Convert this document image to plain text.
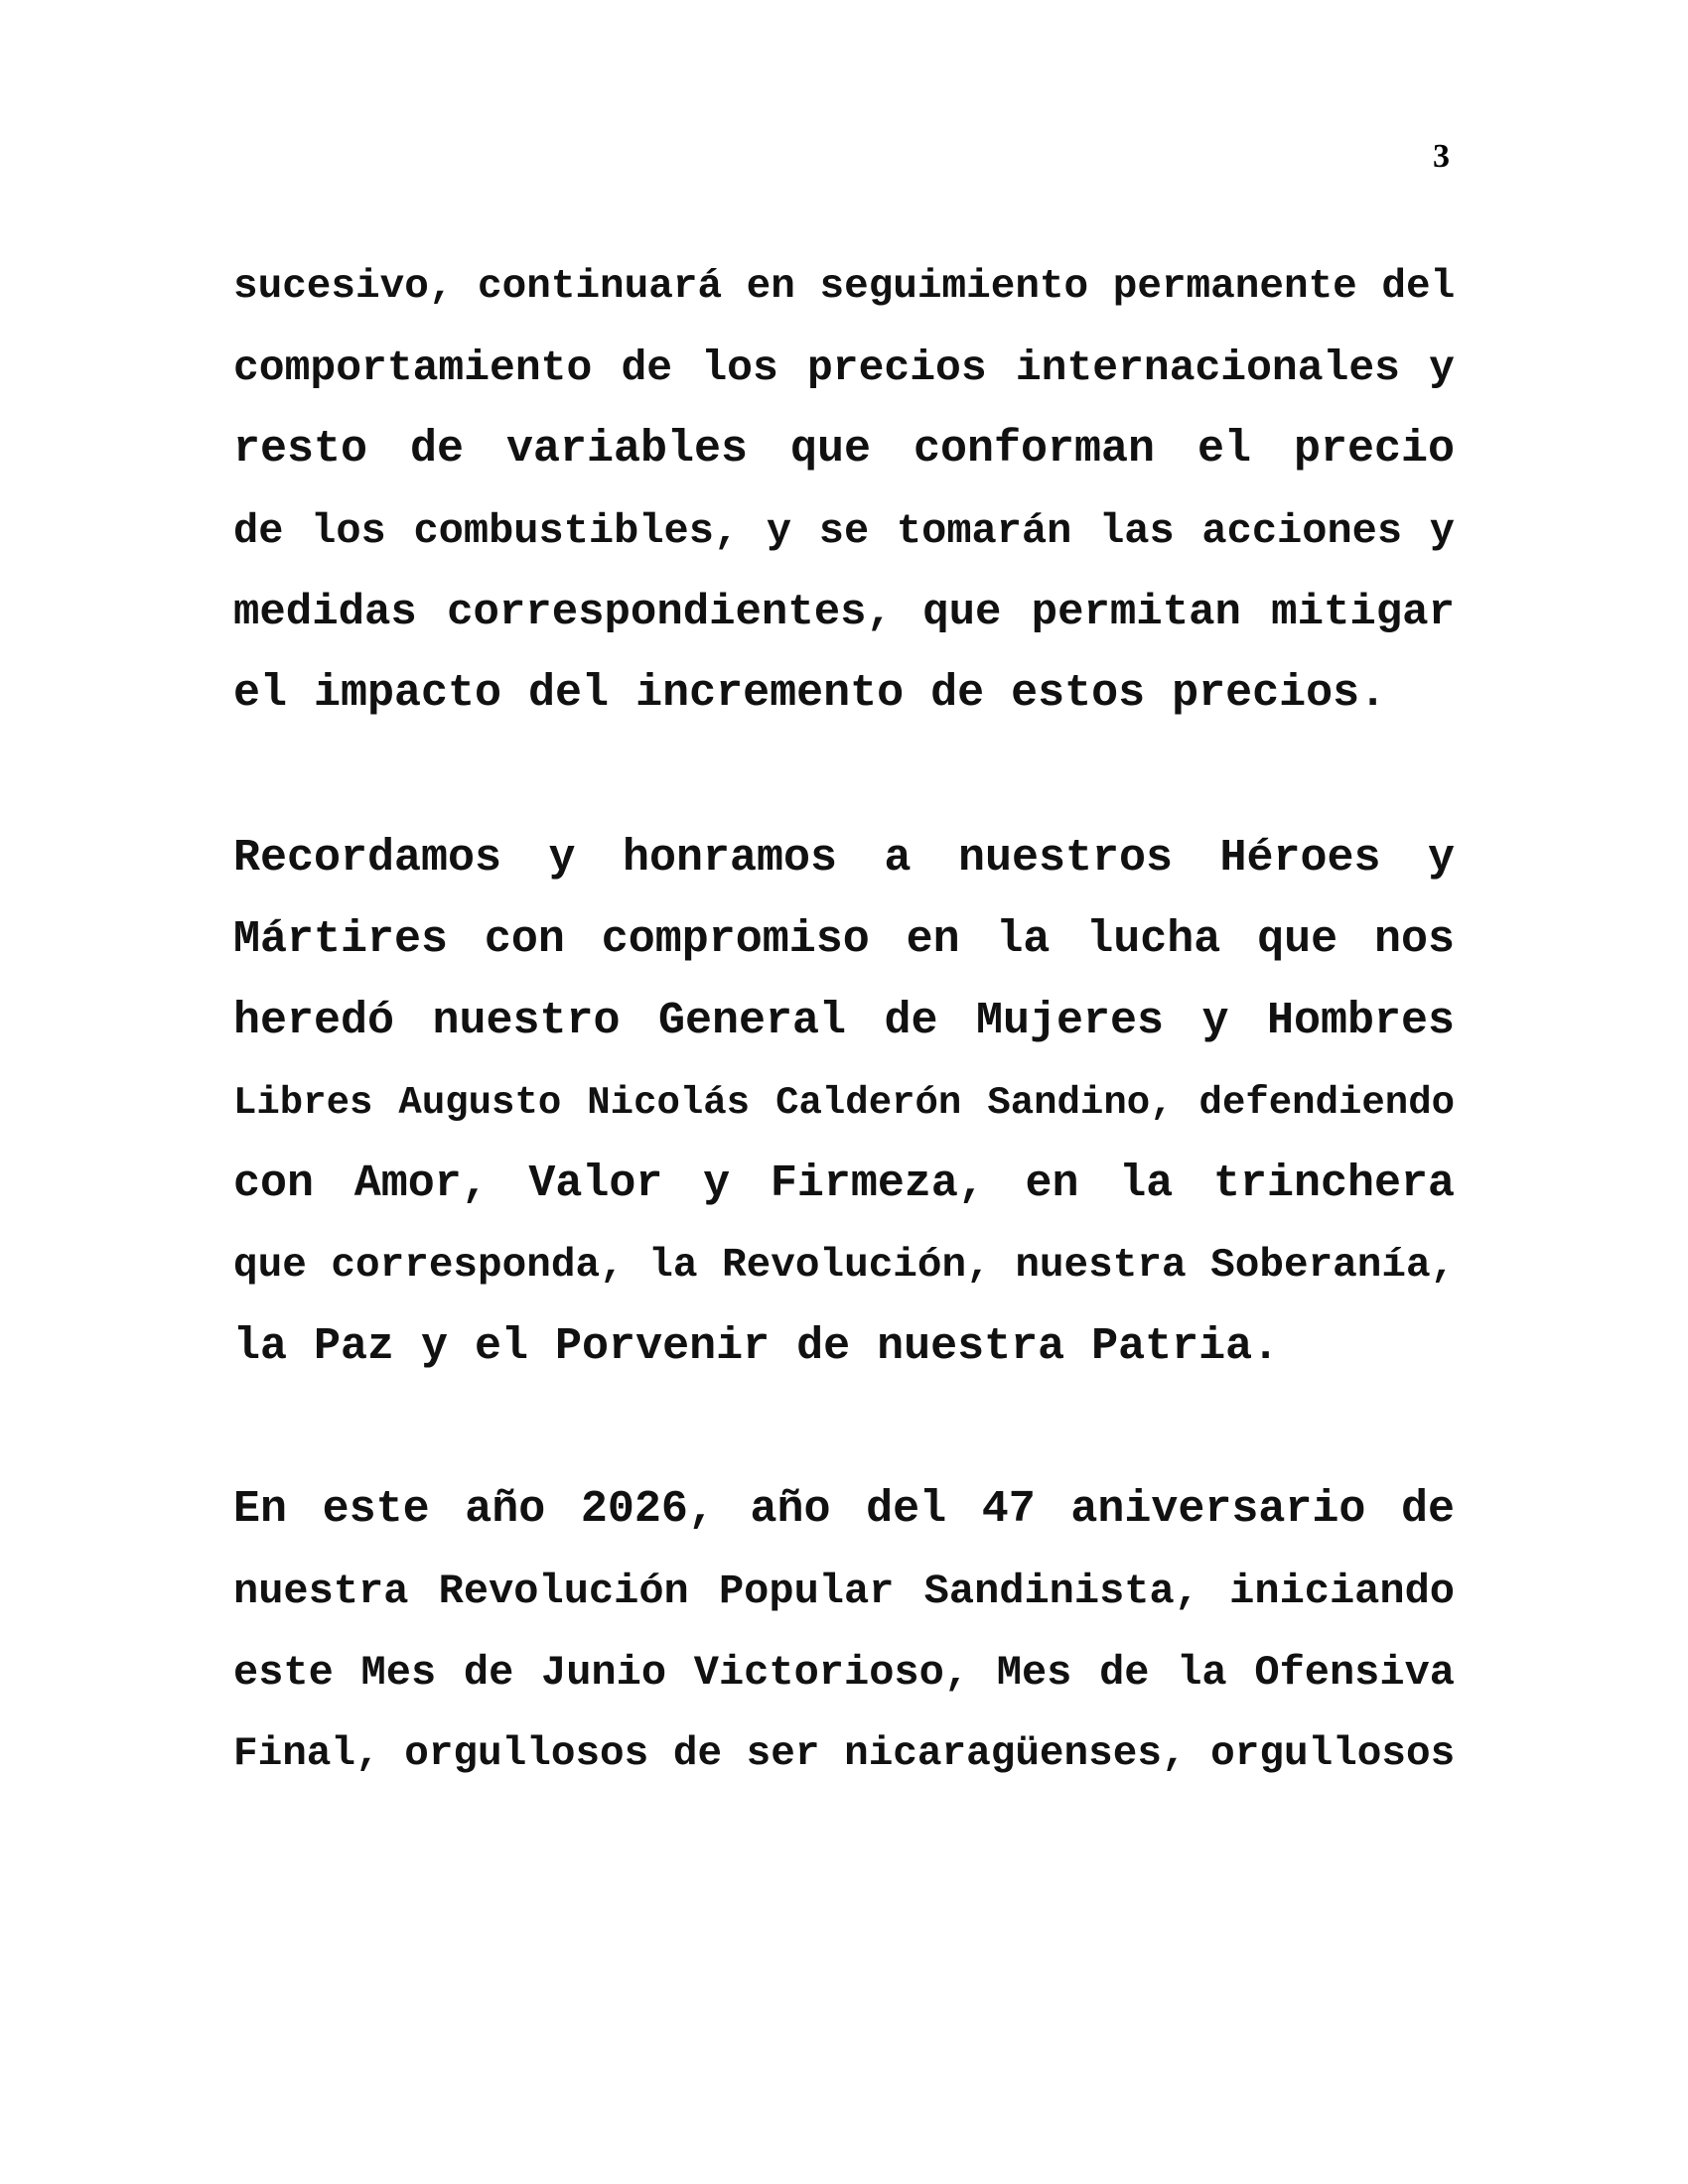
3
sucesivo, continuará en seguimiento permanente del
comportamiento de los precios internacionales y
resto de variables que conforman el precio
de los combustibles, y se tomarán las acciones y
medidas correspondientes, que permitan mitigar
el impacto del incremento de estos precios.
Recordamos y honramos a nuestros Héroes y
Mártires con compromiso en la lucha que nos
heredó nuestro General de Mujeres y Hombres
Libres Augusto Nicolás Calderón Sandino, defendiendo
con Amor, Valor y Firmeza, en la trinchera
que corresponda, la Revolución, nuestra Soberanía,
la Paz y el Porvenir de nuestra Patria.
En este año 2026, año del 47 aniversario de
nuestra Revolución Popular Sandinista, iniciando
este Mes de Junio Victorioso, Mes de la Ofensiva
Final, orgullosos de ser nicaragüenses, orgullosos
